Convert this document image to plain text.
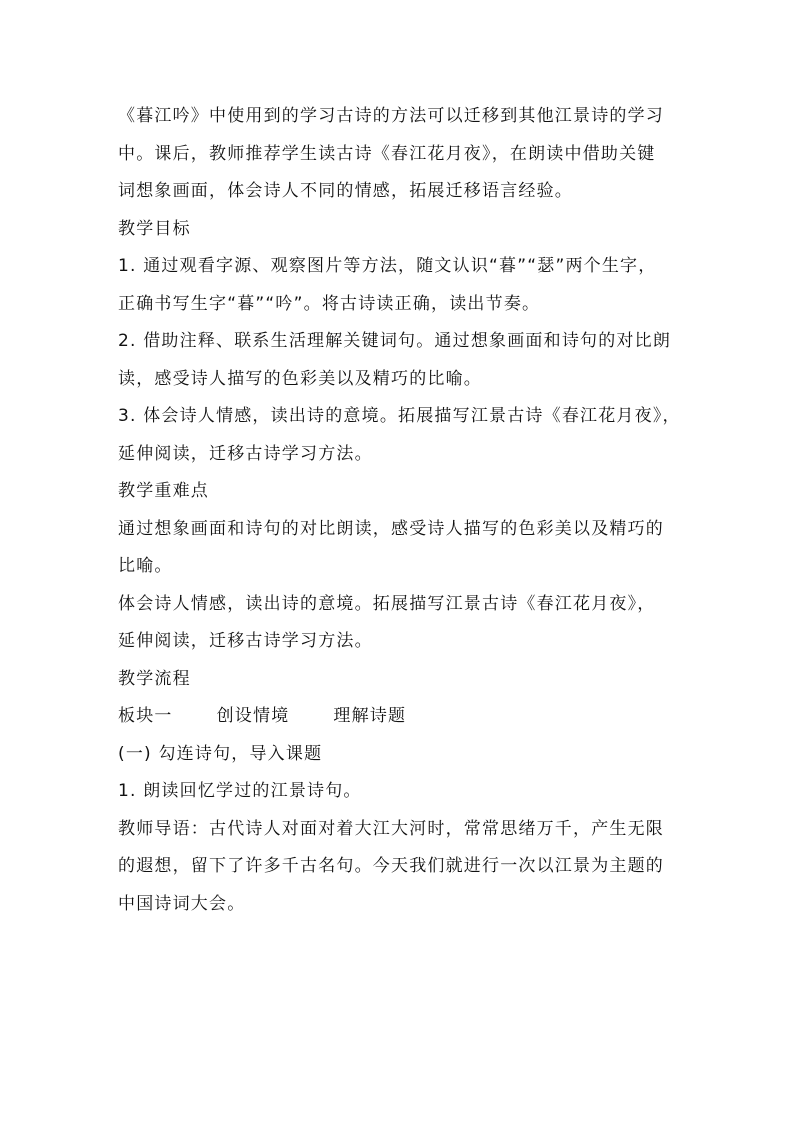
《暮江吟》中使用到的学习古诗的方法可以迁移到其他江景诗的学习
中。课后，教师推荐学生读古诗《春江花月夜》，在朗读中借助关键
词想象画面，体会诗人不同的情感，拓展迁移语言经验。
教学目标
1. 通过观看字源、观察图片等方法，随文认识“暮”“瑟”两个生字，
正确书写生字“暮”“吟”。将古诗读正确，读出节奏。
2. 借助注释、联系生活理解关键词句。通过想象画面和诗句的对比朗
读，感受诗人描写的色彩美以及精巧的比喻。
3. 体会诗人情感，读出诗的意境。拓展描写江景古诗《春江花月夜》，
延伸阅读，迁移古诗学习方法。
教学重难点
通过想象画面和诗句的对比朗读，感受诗人描写的色彩美以及精巧的
比喻。
体会诗人情感，读出诗的意境。拓展描写江景古诗《春江花月夜》，
延伸阅读，迁移古诗学习方法。
教学流程
板块一	创设情境	理解诗题
(一) 勾连诗句，导入课题
1. 朗读回忆学过的江景诗句。
教师导语：古代诗人对面对着大江大河时，常常思绪万千，产生无限
的遐想，留下了许多千古名句。今天我们就进行一次以江景为主题的
中国诗词大会。
